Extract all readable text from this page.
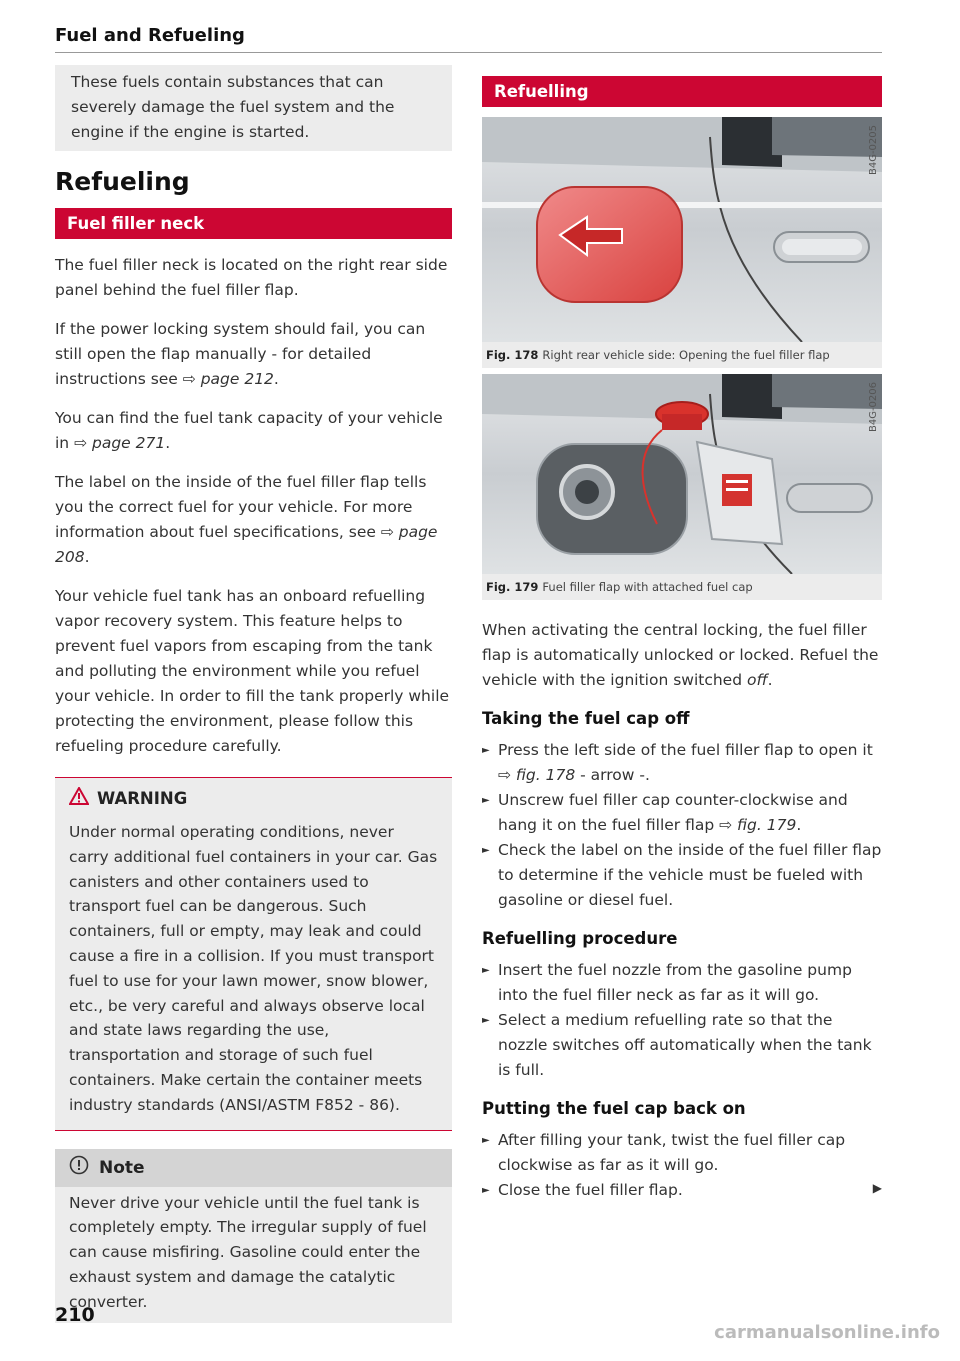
Fuel and Refueling

These fuels contain substances that can severely damage the fuel system and the engine if the engine is started.

Refueling
Fuel filler neck

The fuel filler neck is located on the right rear side panel behind the fuel filler flap.

If the power locking system should fail, you can still open the flap manually - for detailed instructions see ⇨ page 212.

You can find the fuel tank capacity of your vehicle in ⇨ page 271.

The label on the inside of the fuel filler flap tells you the correct fuel for your vehicle. For more information about fuel specifications, see ⇨ page 208.

Your vehicle fuel tank has an onboard refuelling vapor recovery system. This feature helps to prevent fuel vapors from escaping from the tank and polluting the environment while you refuel your vehicle. In order to fill the tank properly while protecting the environment, please follow this refueling procedure carefully.

WARNING

Under normal operating conditions, never carry additional fuel containers in your car. Gas canisters and other containers used to transport fuel can be dangerous. Such containers, full or empty, may leak and could cause a fire in a collision. If you must transport fuel to use for your lawn mower, snow blower, etc., be very careful and always observe local and state laws regarding the use, transportation and storage of such fuel containers. Make certain the container meets industry standards (ANSI/ASTM F852 - 86).

Note

Never drive your vehicle until the fuel tank is completely empty. The irregular supply of fuel can cause misfiring. Gasoline could enter the exhaust system and damage the catalytic converter.

210
Refuelling
B4G-0205
Fig. 178 Right rear vehicle side: Opening the fuel filler flap
B4G-0206
Fig. 179 Fuel filler flap with attached fuel cap

When activating the central locking, the fuel filler flap is automatically unlocked or locked. Refuel the vehicle with the ignition switched off.

Taking the fuel cap off
► Press the left side of the fuel filler flap to open it ⇨ fig. 178 - arrow -.
► Unscrew fuel filler cap counter-clockwise and hang it on the fuel filler flap ⇨ fig. 179.
► Check the label on the inside of the fuel filler flap to determine if the vehicle must be fueled with gasoline or diesel fuel.
Refuelling procedure
► Insert the fuel nozzle from the gasoline pump into the fuel filler neck as far as it will go.
► Select a medium refuelling rate so that the nozzle switches off automatically when the tank is full.
Putting the fuel cap back on
► After filling your tank, twist the fuel filler cap clockwise as far as it will go.
► Close the fuel filler flap.	▶
carmanualsonline.info
